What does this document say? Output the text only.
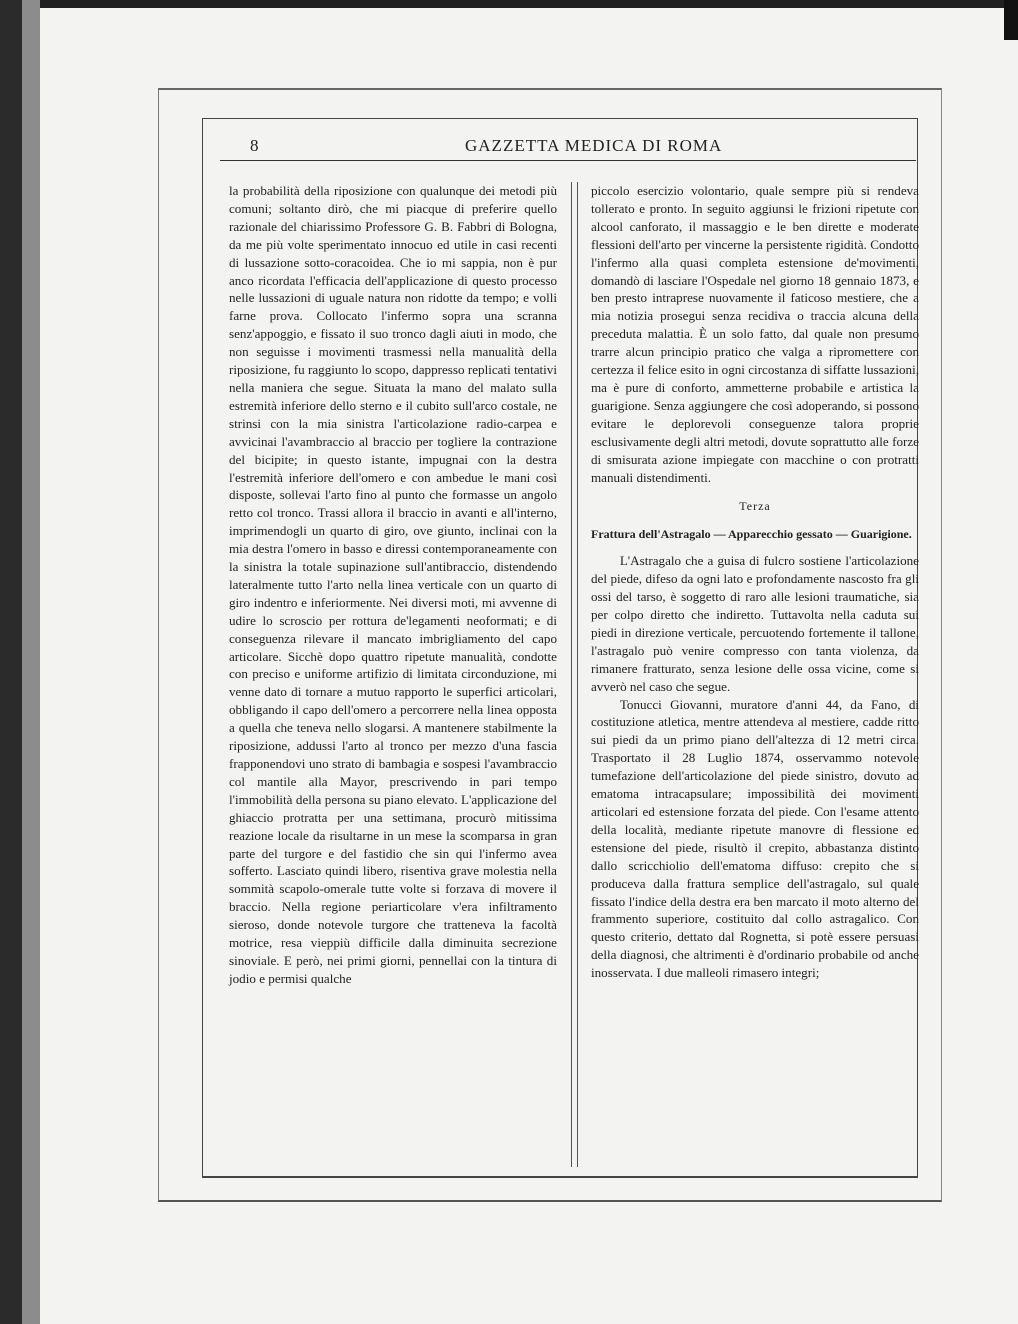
8	GAZZETTA MEDICA DI ROMA

la probabilità della riposizione con qualunque dei metodi più comuni; soltanto dirò, che mi piacque di preferire quello razionale del chiarissimo Professore G. B. Fabbri di Bologna, da me più volte sperimentato innocuo ed utile in casi recenti di lussazione sotto-coracoidea. Che io mi sappia, non è pur anco ricordata l'efficacia dell'applicazione di questo processo nelle lussazioni di uguale natura non ridotte da tempo; e volli farne prova. Collocato l'infermo sopra una scranna senz'appoggio, e fissato il suo tronco dagli aiuti in modo, che non seguisse i movimenti trasmessi nella manualità della riposizione, fu raggiunto lo scopo, dappresso replicati tentativi nella maniera che segue. Situata la mano del malato sulla estremità inferiore dello sterno e il cubito sull'arco costale, ne strinsi con la mia sinistra l'articolazione radio-carpea e avvicinai l'avambraccio al braccio per togliere la contrazione del bicipite; in questo istante, impugnai con la destra l'estremità inferiore dell'omero e con ambedue le mani così disposte, sollevai l'arto fino al punto che formasse un angolo retto col tronco. Trassi allora il braccio in avanti e all'interno, imprimendogli un quarto di giro, ove giunto, inclinai con la mia destra l'omero in basso e diressi contemporaneamente con la sinistra la totale supinazione sull'antibraccio, distendendo lateralmente tutto l'arto nella linea verticale con un quarto di giro indentro e inferiormente. Nei diversi moti, mi avvenne di udire lo scroscio per rottura de'legamenti neoformati; e di conseguenza rilevare il mancato imbrigliamento del capo articolare. Sicchè dopo quattro ripetute manualità, condotte con preciso e uniforme artifizio di limitata circonduzione, mi venne dato di tornare a mutuo rapporto le superfici articolari, obbligando il capo dell'omero a percorrere nella linea opposta a quella che teneva nello slogarsi. A mantenere stabilmente la riposizione, addussi l'arto al tronco per mezzo d'una fascia frapponendovi uno strato di bambagia e sospesi l'avambraccio col mantile alla Mayor, prescrivendo in pari tempo l'immobilità della persona su piano elevato. L'applicazione del ghiaccio protratta per una settimana, procurò mitissima reazione locale da risultarne in un mese la scomparsa in gran parte del turgore e del fastidio che sin qui l'infermo avea sofferto. Lasciato quindi libero, risentiva grave molestia nella sommità scapolo-omerale tutte volte si forzava di movere il braccio. Nella regione periarticolare v'era infiltramento sieroso, donde notevole turgore che tratteneva la facoltà motrice, resa vieppiù difficile dalla diminuita secrezione sinoviale. E però, nei primi giorni, pennellai con la tintura di jodio e permisi qualche

piccolo esercizio volontario, quale sempre più si rendeva tollerato e pronto. In seguito aggiunsi le frizioni ripetute con alcool canforato, il massaggio e le ben dirette e moderate flessioni dell'arto per vincerne la persistente rigidità. Condotto l'infermo alla quasi completa estensione de'movimenti, domandò di lasciare l'Ospedale nel giorno 18 gennaio 1873, e ben presto intraprese nuovamente il faticoso mestiere, che a mia notizia prosegui senza recidiva o traccia alcuna della preceduta malattia. È un solo fatto, dal quale non presumo trarre alcun principio pratico che valga a ripromettere con certezza il felice esito in ogni circostanza di siffatte lussazioni, ma è pure di conforto, ammetterne probabile e artistica la guarigione. Senza aggiungere che così adoperando, si possono evitare le deplorevoli conseguenze talora proprie esclusivamente degli altri metodi, dovute soprattutto alle forze di smisurata azione impiegate con macchine o con protratti manuali distendimenti.

Terza
Frattura dell'Astragalo — Apparecchio gessato — Guarigione.

L'Astragalo che a guisa di fulcro sostiene l'articolazione del piede, difeso da ogni lato e profondamente nascosto fra gli ossi del tarso, è soggetto di raro alle lesioni traumatiche, sia per colpo diretto che indiretto. Tuttavolta nella caduta sui piedi in direzione verticale, percuotendo fortemente il tallone, l'astragalo può venire compresso con tanta violenza, da rimanere fratturato, senza lesione delle ossa vicine, come si avverò nel caso che segue.

Tonucci Giovanni, muratore d'anni 44, da Fano, di costituzione atletica, mentre attendeva al mestiere, cadde ritto sui piedi da un primo piano dell'altezza di 12 metri circa. Trasportato il 28 Luglio 1874, osservammo notevole tumefazione dell'articolazione del piede sinistro, dovuto ad ematoma intracapsulare; impossibilità dei movimenti articolari ed estensione forzata del piede. Con l'esame attento della località, mediante ripetute manovre di flessione ed estensione del piede, risultò il crepito, abbastanza distinto dallo scricchiolio dell'ematoma diffuso: crepito che si produceva dalla frattura semplice dell'astragalo, sul quale fissato l'indice della destra era ben marcato il moto alterno del frammento superiore, costituito dal collo astragalico. Con questo criterio, dettato dal Rognetta, si potè essere persuasi della diagnosi, che altrimenti è d'ordinario probabile od anche inosservata. I due malleoli rimasero integri;
